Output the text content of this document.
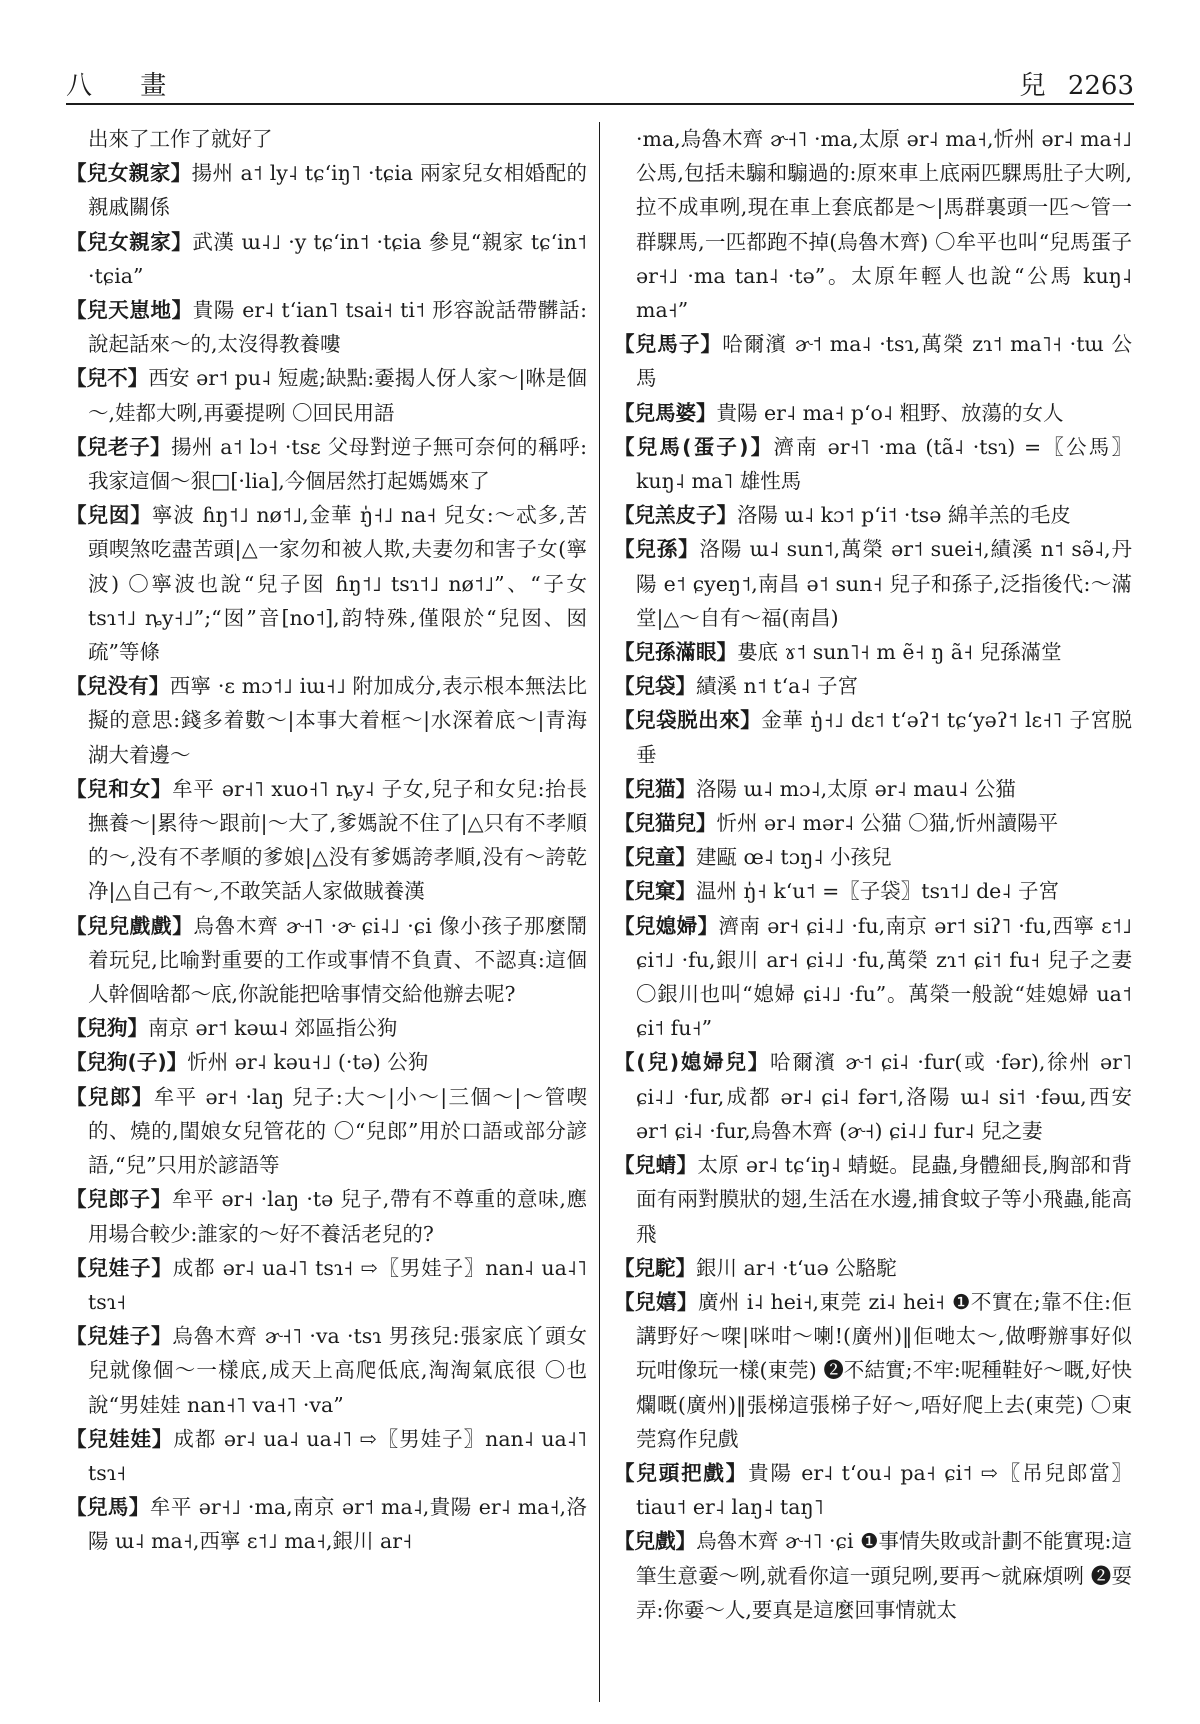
八 畫	兒 2263

出來了工作了就好了

【 兒女親家 】 揚州 a˦ ly˨ tɕʻiŋ˥ ·tɕia 兩家兒女相婚配的親戚關係

【 兒女親家 】 武漢 ɯ˨˩ ·y tɕʻin˦ ·tɕia 參見“親家 tɕʻin˦ ·tɕia”

【 兒天崽地 】 貴陽 er˨ tʻian˥ tsai˧ ti˦ 形容說話帶髒話:說起話來～的,太沒得教養嘍

【 兒不 】 西安 ər˦ pu˨ 短處;缺點:嫑揭人伢人家～|咻是個～,娃都大咧,再嫑提咧 〇回民用語

【 兒老子 】 揚州 a˦ lɔ˧ ·tsɛ 父母對逆子無可奈何的稱呼:我家這個～狠□[·lia],今個居然打起媽媽來了

【 兒囡 】 寧波 ɦŋ˦˩ nø˦˩,金華 ŋ̍˧˩ na˧ 兒女:～忒多,苦頭喫煞吃盡苦頭|△一家勿和被人欺,夫妻勿和害子女(寧波) 〇寧波也說“兒子囡 ɦŋ˦˩ tsɿ˦˩ nø˦˩”、“子女 tsɿ˦˩ ȵy˧˩”;“囡”音[no˦],韵特殊,僅限於“兒囡、囡疏”等條

【 兒没有 】 西寧 ·ɛ mɔ˦˩ iɯ˧˩ 附加成分,表示根本無法比擬的意思:錢多着數～|本事大着框～|水深着底～|青海湖大着邊～

【 兒和女 】 牟平 ər˧˥ xuo˧˥ ȵy˨ 子女,兒子和女兒:抬長撫養～|累待～跟前|～大了,爹媽說不住了|△只有不孝順的～,没有不孝順的爹娘|△没有爹媽誇孝順,没有～誇乾净|△自己有～,不敢笑話人家做賊養漢

【 兒兒戲戲 】 烏魯木齊 ɚ˧˥ ·ɚ ɕi˨˩ ·ɕi 像小孩子那麼鬧着玩兒,比喻對重要的工作或事情不負責、不認真:這個人幹個啥都～底,你說能把啥事情交給他辦去呢?

【 兒狗 】 南京 ər˦ kəɯ˨ 郊區指公狗

【 兒狗(子) 】 忻州 ər˨ kəu˧˩ (·tə) 公狗

【 兒郎 】 牟平 ər˧ ·laŋ 兒子:大～|小～|三個～|～管喫的、燒的,閨娘女兒管花的 〇“兒郎”用於口語或部分諺語,“兒”只用於諺語等

【 兒郎子 】 牟平 ər˧ ·laŋ ·tə 兒子,帶有不尊重的意味,應用場合較少:誰家的～好不養活老兒的?

【 兒娃子 】 成都 ər˨ ua˨˥ tsɿ˧ ⇨〖男娃子〗nan˨ ua˨˥ tsɿ˧

【 兒娃子 】 烏魯木齊 ɚ˧˥ ·va ·tsɿ 男孩兒:張家底丫頭女兒就像個～一樣底,成天上高爬低底,淘淘氣底很 〇也說“男娃娃 nan˧˥ va˧˥ ·va”

【 兒娃娃 】 成都 ər˨ ua˨ ua˨˥ ⇨〖男娃子〗nan˨ ua˨˥ tsɿ˧

【 兒馬 】 牟平 ər˧˩ ·ma,南京 ər˦ ma˨,貴陽 er˨ ma˧,洛陽 ɯ˨ ma˧,西寧 ɛ˦˩ ma˧,銀川 ar˧

·ma,烏魯木齊 ɚ˧˥ ·ma,太原 ər˨ ma˧,忻州 ər˨ ma˧˩ 公馬,包括未騸和騸過的:原來車上底兩匹騍馬肚子大咧,拉不成車咧,現在車上套底都是～|馬群裏頭一匹～管一群騍馬,一匹都跑不掉(烏魯木齊) 〇牟平也叫“兒馬蛋子 ər˧˩ ·ma tan˨ ·tə”。太原年輕人也說“公馬 kuŋ˨ ma˧”

【 兒馬子 】 哈爾濱 ɚ˦ ma˨ ·tsɿ,萬榮 zɿ˦ ma˥˧ ·tɯ 公馬

【 兒馬婆 】 貴陽 er˨ ma˧ pʻo˨ 粗野、放蕩的女人

【 兒馬(蛋子) 】 濟南 ər˧˥ ·ma (tã˨ ·tsɿ) =〖公馬〗kuŋ˨ ma˥ 雄性馬

【 兒羔皮子 】 洛陽 ɯ˨ kɔ˦ pʻi˦ ·tsə 綿羊羔的毛皮

【 兒孫 】 洛陽 ɯ˨ sun˦,萬榮 ər˦ suei˧,績溪 n˦ sə̃˨,丹陽 e˦ ɕyeŋ˦,南昌 ə˦ sun˧ 兒子和孫子,泛指後代:～滿堂|△～自有～福(南昌)

【 兒孫滿眼 】 婁底 ɤ˦ sun˥˧ m ẽ˧ ŋ ã˧ 兒孫滿堂

【 兒袋 】 績溪 n˦ tʻa˨ 子宮

【 兒袋脱出來 】 金華 ŋ̍˧˩ dɛ˦ tʻəʔ˦ tɕʻyəʔ˦ lɛ˧˥ 子宮脱垂

【 兒猫 】 洛陽 ɯ˨ mɔ˨,太原 ər˨ mau˨ 公猫

【 兒猫兒 】 忻州 ər˨ mər˨ 公猫 〇猫,忻州讀陽平

【 兒童 】 建甌 œ˨ tɔŋ˨ 小孩兒

【 兒窠 】 温州 ŋ̍˧ kʻu˦ =〖子袋〗tsɿ˦˩ de˨ 子宮

【 兒媳婦 】 濟南 ər˧ ɕi˨˩ ·fu,南京 ər˦ siʔ˥ ·fu,西寧 ɛ˦˩ ɕi˦˩ ·fu,銀川 ar˧ ɕi˨˩ ·fu,萬榮 zɿ˦ ɕi˦ fu˧ 兒子之妻 〇銀川也叫“媳婦 ɕi˨˩ ·fu”。萬榮一般說“娃媳婦 ua˦ ɕi˦ fu˧”

【 (兒)媳婦兒 】 哈爾濱 ɚ˦ ɕi˨ ·fur(或 ·fər),徐州 ər˥ ɕi˨˩ ·fur,成都 ər˨ ɕi˨ fər˦,洛陽 ɯ˨ si˦ ·fəɯ,西安 ər˦ ɕi˨ ·fur,烏魯木齊 (ɚ˧) ɕi˨˩ fur˨ 兒之妻

【 兒蜻 】 太原 ər˨ tɕʻiŋ˨ 蜻蜓。昆蟲,身體細長,胸部和背面有兩對膜狀的翅,生活在水邊,捕食蚊子等小飛蟲,能高飛

【 兒駝 】 銀川 ar˧ ·tʻuə 公駱駝

【 兒嬉 】 廣州 i˨ hei˧,東莞 zi˨ hei˧ ❶不實在;靠不住:佢講野好～㗎|咪咁～喇!(廣州)‖佢哋太～,做嘢辦事好似玩咁像玩一樣(東莞) ❷不結實;不牢:呢種鞋好～嘅,好快爛嘅(廣州)‖張梯這張梯子好～,唔好爬上去(東莞) 〇東莞寫作兒戲

【 兒頭把戲 】 貴陽 er˨ tʻou˨ pa˧ ɕi˦ ⇨〖吊兒郎當〗tiau˦ er˨ laŋ˨ taŋ˥

【 兒戲 】 烏魯木齊 ɚ˧˥ ·ɕi ❶事情失敗或計劃不能實現:這筆生意嫑～咧,就看你這一頭兒咧,要再～就麻煩咧 ❷耍弄:你嫑～人,要真是這麼回事情就太
